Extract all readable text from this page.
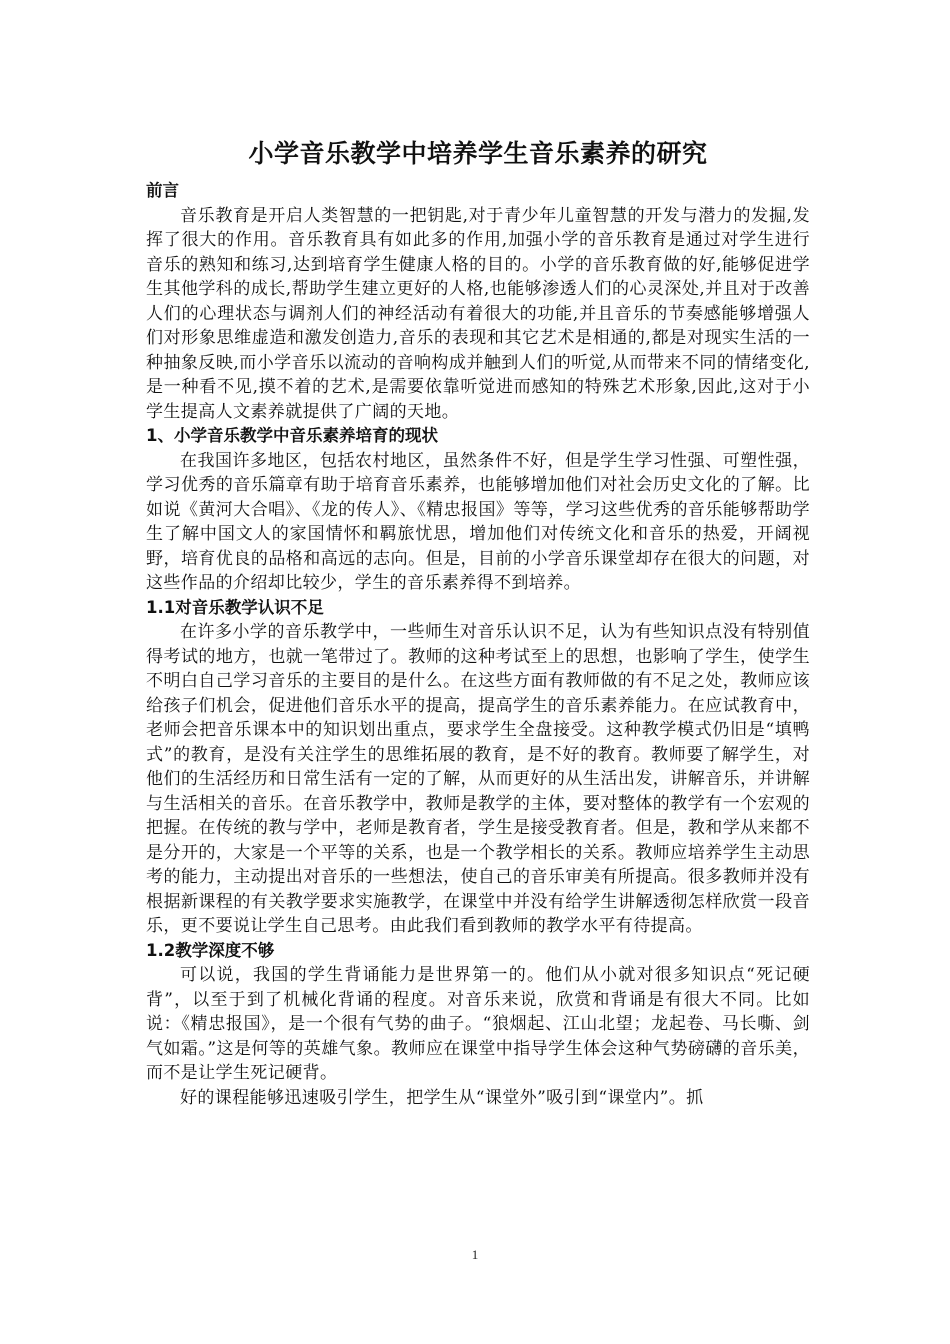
小学音乐教学中培养学生音乐素养的研究

前言

音乐教育是开启人类智慧的一把钥匙,对于青少年儿童智慧的开发与潜力的发掘,发挥了很大的作用。音乐教育具有如此多的作用,加强小学的音乐教育是通过对学生进行音乐的熟知和练习,达到培育学生健康人格的目的。小学的音乐教育做的好,能够促进学生其他学科的成长,帮助学生建立更好的人格,也能够渗透人们的心灵深处,并且对于改善人们的心理状态与调剂人们的神经活动有着很大的功能,并且音乐的节奏感能够增强人们对形象思维虚造和激发创造力,音乐的表现和其它艺术是相通的,都是对现实生活的一种抽象反映,而小学音乐以流动的音响构成并触到人们的听觉,从而带来不同的情绪变化,是一种看不见,摸不着的艺术,是需要依靠听觉进而感知的特殊艺术形象,因此,这对于小学生提高人文素养就提供了广阔的天地。

1、小学音乐教学中音乐素养培育的现状

在我国许多地区，包括农村地区，虽然条件不好，但是学生学习性强、可塑性强，学习优秀的音乐篇章有助于培育音乐素养，也能够增加他们对社会历史文化的了解。比如说《黄河大合唱》、《龙的传人》、《精忠报国》等等，学习这些优秀的音乐能够帮助学生了解中国文人的家国情怀和羁旅忧思，增加他们对传统文化和音乐的热爱，开阔视野，培育优良的品格和高远的志向。但是，目前的小学音乐课堂却存在很大的问题，对这些作品的介绍却比较少，学生的音乐素养得不到培养。

1.1对音乐教学认识不足

在许多小学的音乐教学中，一些师生对音乐认识不足，认为有些知识点没有特别值得考试的地方，也就一笔带过了。教师的这种考试至上的思想，也影响了学生，使学生不明白自己学习音乐的主要目的是什么。在这些方面有教师做的有不足之处，教师应该给孩子们机会，促进他们音乐水平的提高，提高学生的音乐素养能力。在应试教育中，老师会把音乐课本中的知识划出重点，要求学生全盘接受。这种教学模式仍旧是“填鸭式”的教育，是没有关注学生的思维拓展的教育，是不好的教育。教师要了解学生，对他们的生活经历和日常生活有一定的了解，从而更好的从生活出发，讲解音乐，并讲解与生活相关的音乐。在音乐教学中，教师是教学的主体，要对整体的教学有一个宏观的把握。在传统的教与学中，老师是教育者，学生是接受教育者。但是，教和学从来都不是分开的，大家是一个平等的关系，也是一个教学相长的关系。教师应培养学生主动思考的能力，主动提出对音乐的一些想法，使自己的音乐审美有所提高。很多教师并没有根据新课程的有关教学要求实施教学，在课堂中并没有给学生讲解透彻怎样欣赏一段音乐，更不要说让学生自己思考。由此我们看到教师的教学水平有待提高。

1.2教学深度不够

可以说，我国的学生背诵能力是世界第一的。他们从小就对很多知识点“死记硬背”，以至于到了机械化背诵的程度。对音乐来说，欣赏和背诵是有很大不同。比如说：《精忠报国》，是一个很有气势的曲子。“狼烟起、江山北望；龙起卷、马长嘶、剑气如霜。”这是何等的英雄气象。教师应在课堂中指导学生体会这种气势磅礴的音乐美，而不是让学生死记硬背。

好的课程能够迅速吸引学生，把学生从“课堂外”吸引到“课堂内”。抓

1
